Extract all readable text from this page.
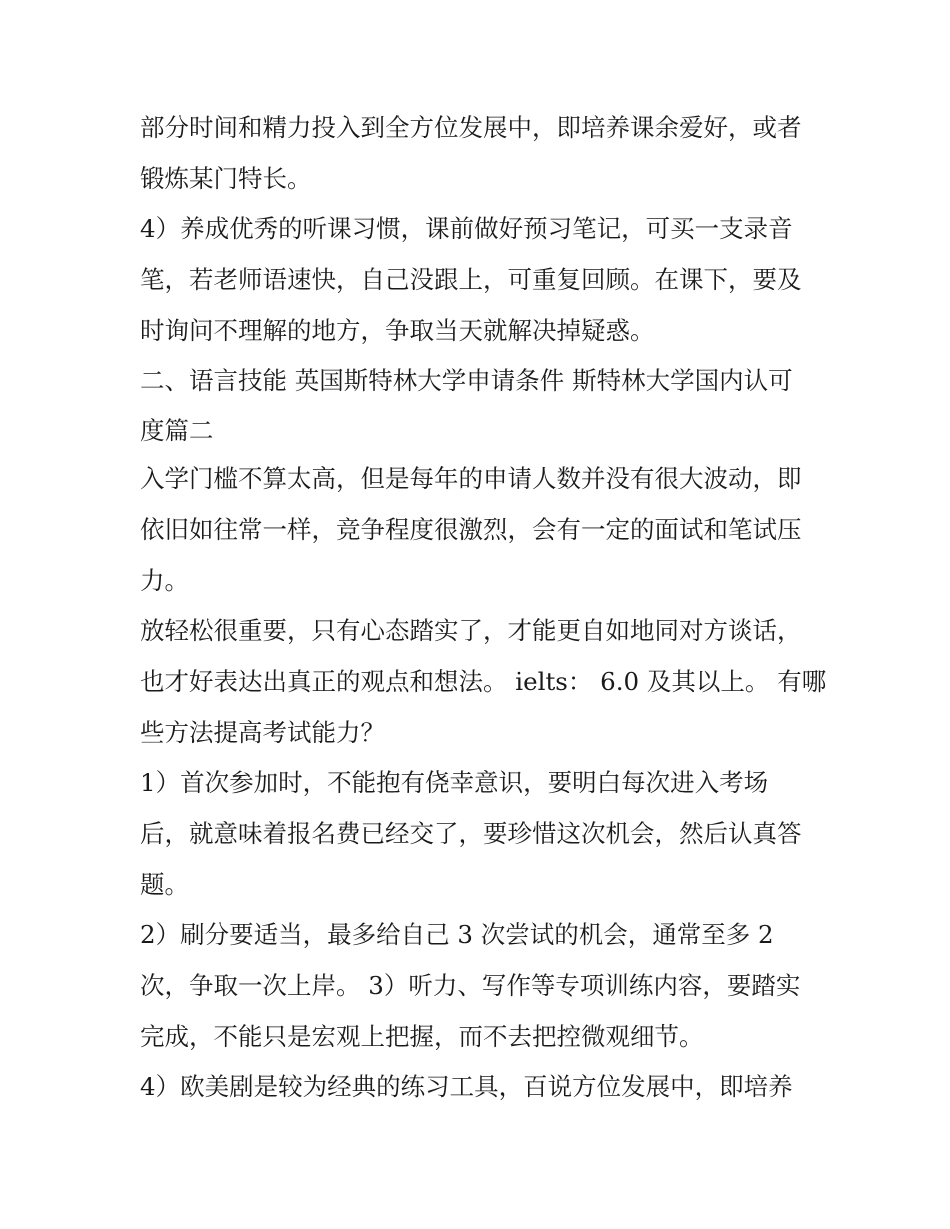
部分时间和精力投入到全方位发展中，即培养课余爱好，或者
锻炼某门特长。
4）养成优秀的听课习惯，课前做好预习笔记，可买一支录音
笔，若老师语速快，自己没跟上，可重复回顾。在课下，要及
时询问不理解的地方，争取当天就解决掉疑惑。
二、语言技能 英国斯特林大学申请条件 斯特林大学国内认可
度篇二
入学门槛不算太高，但是每年的申请人数并没有很大波动，即
依旧如往常一样，竞争程度很激烈，会有一定的面试和笔试压
力。
放轻松很重要，只有心态踏实了，才能更自如地同对方谈话，
也才好表达出真正的观点和想法。 ielts： 6.0 及其以上。 有哪
些方法提高考试能力？
1）首次参加时，不能抱有侥幸意识，要明白每次进入考场
后，就意味着报名费已经交了，要珍惜这次机会，然后认真答
题。
2）刷分要适当，最多给自己 3 次尝试的机会，通常至多 2
次，争取一次上岸。 3）听力、写作等专项训练内容，要踏实
完成，不能只是宏观上把握，而不去把控微观细节。
4）欧美剧是较为经典的练习工具，百说方位发展中，即培养
